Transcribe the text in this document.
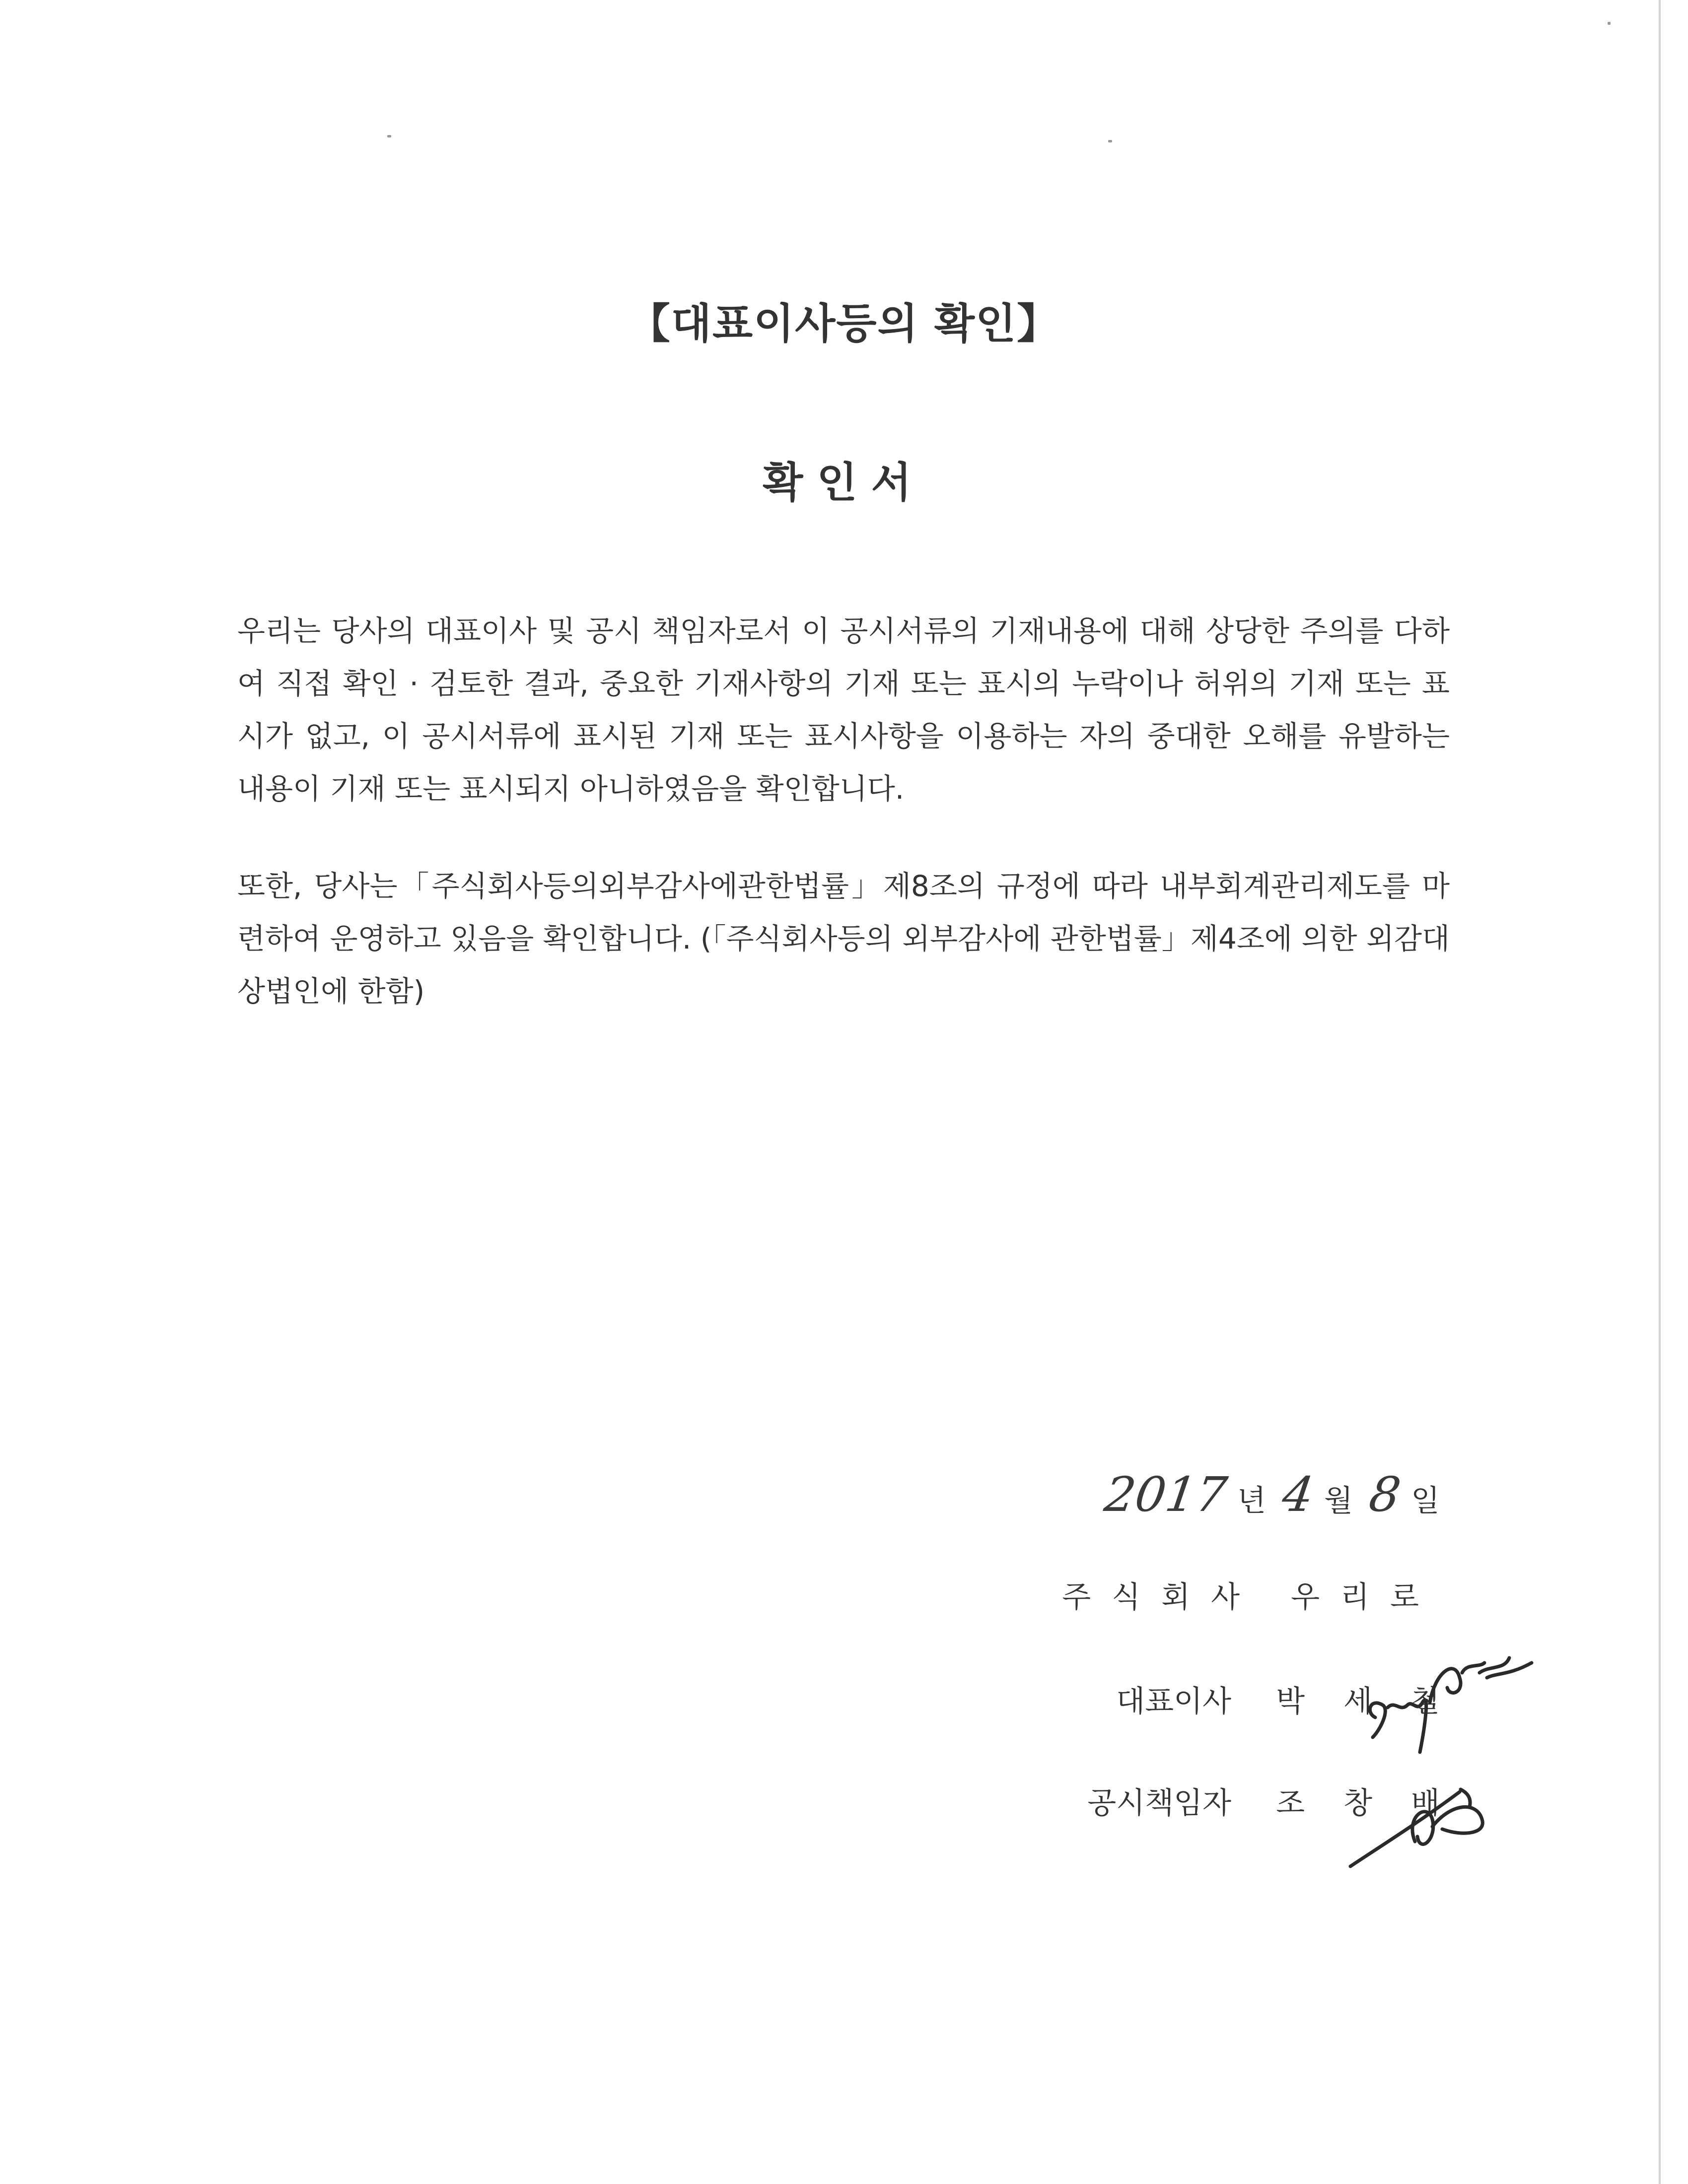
【대표이사등의 확인】
확인서

우리는 당사의 대표이사 및 공시 책임자로서 이 공시서류의 기재내용에 대해 상당한 주의를 다하여 직접 확인 · 검토한 결과, 중요한 기재사항의 기재 또는 표시의 누락이나 허위의 기재 또는 표시가 없고, 이 공시서류에 표시된 기재 또는 표시사항을 이용하는 자의 중대한 오해를 유발하는 내용이 기재 또는 표시되지 아니하였음을 확인합니다.

또한, 당사는「주식회사등의외부감사에관한법률」제8조의 규정에 따라 내부회계관리제도를 마련하여 운영하고 있음을 확인합니다. (「주식회사등의 외부감사에 관한법률」제4조에 의한 외감대상법인에 한함)

2017 년 4 월 8 일
주식회사 우리로
대표이사 박세철
공시책임자 조창배
